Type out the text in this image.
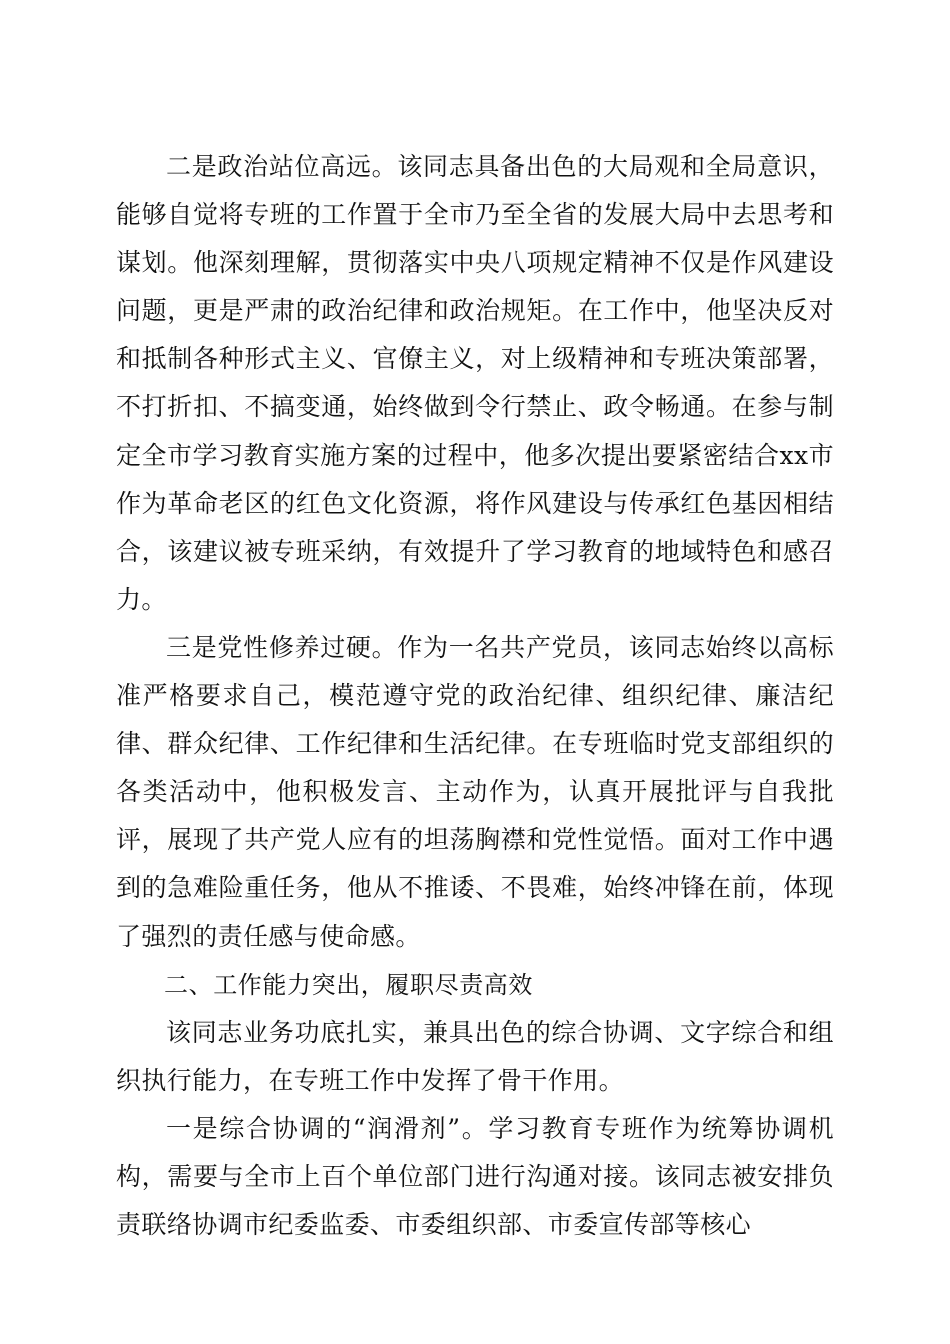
二是政治站位高远。该同志具备出色的大局观和全局意识，能够自觉将专班的工作置于全市乃至全省的发展大局中去思考和谋划。他深刻理解，贯彻落实中央八项规定精神不仅是作风建设问题，更是严肃的政治纪律和政治规矩。在工作中，他坚决反对和抵制各种形式主义、官僚主义，对上级精神和专班决策部署，不打折扣、不搞变通，始终做到令行禁止、政令畅通。在参与制定全市学习教育实施方案的过程中，他多次提出要紧密结合xx市作为革命老区的红色文化资源，将作风建设与传承红色基因相结合，该建议被专班采纳，有效提升了学习教育的地域特色和感召力。

三是党性修养过硬。作为一名共产党员，该同志始终以高标准严格要求自己，模范遵守党的政治纪律、组织纪律、廉洁纪律、群众纪律、工作纪律和生活纪律。在专班临时党支部组织的各类活动中，他积极发言、主动作为，认真开展批评与自我批评，展现了共产党人应有的坦荡胸襟和党性觉悟。面对工作中遇到的急难险重任务，他从不推诿、不畏难，始终冲锋在前，体现了强烈的责任感与使命感。

二、工作能力突出，履职尽责高效

该同志业务功底扎实，兼具出色的综合协调、文字综合和组织执行能力，在专班工作中发挥了骨干作用。

一是综合协调的“润滑剂”。学习教育专班作为统筹协调机构，需要与全市上百个单位部门进行沟通对接。该同志被安排负责联络协调市纪委监委、市委组织部、市委宣传部等核心
